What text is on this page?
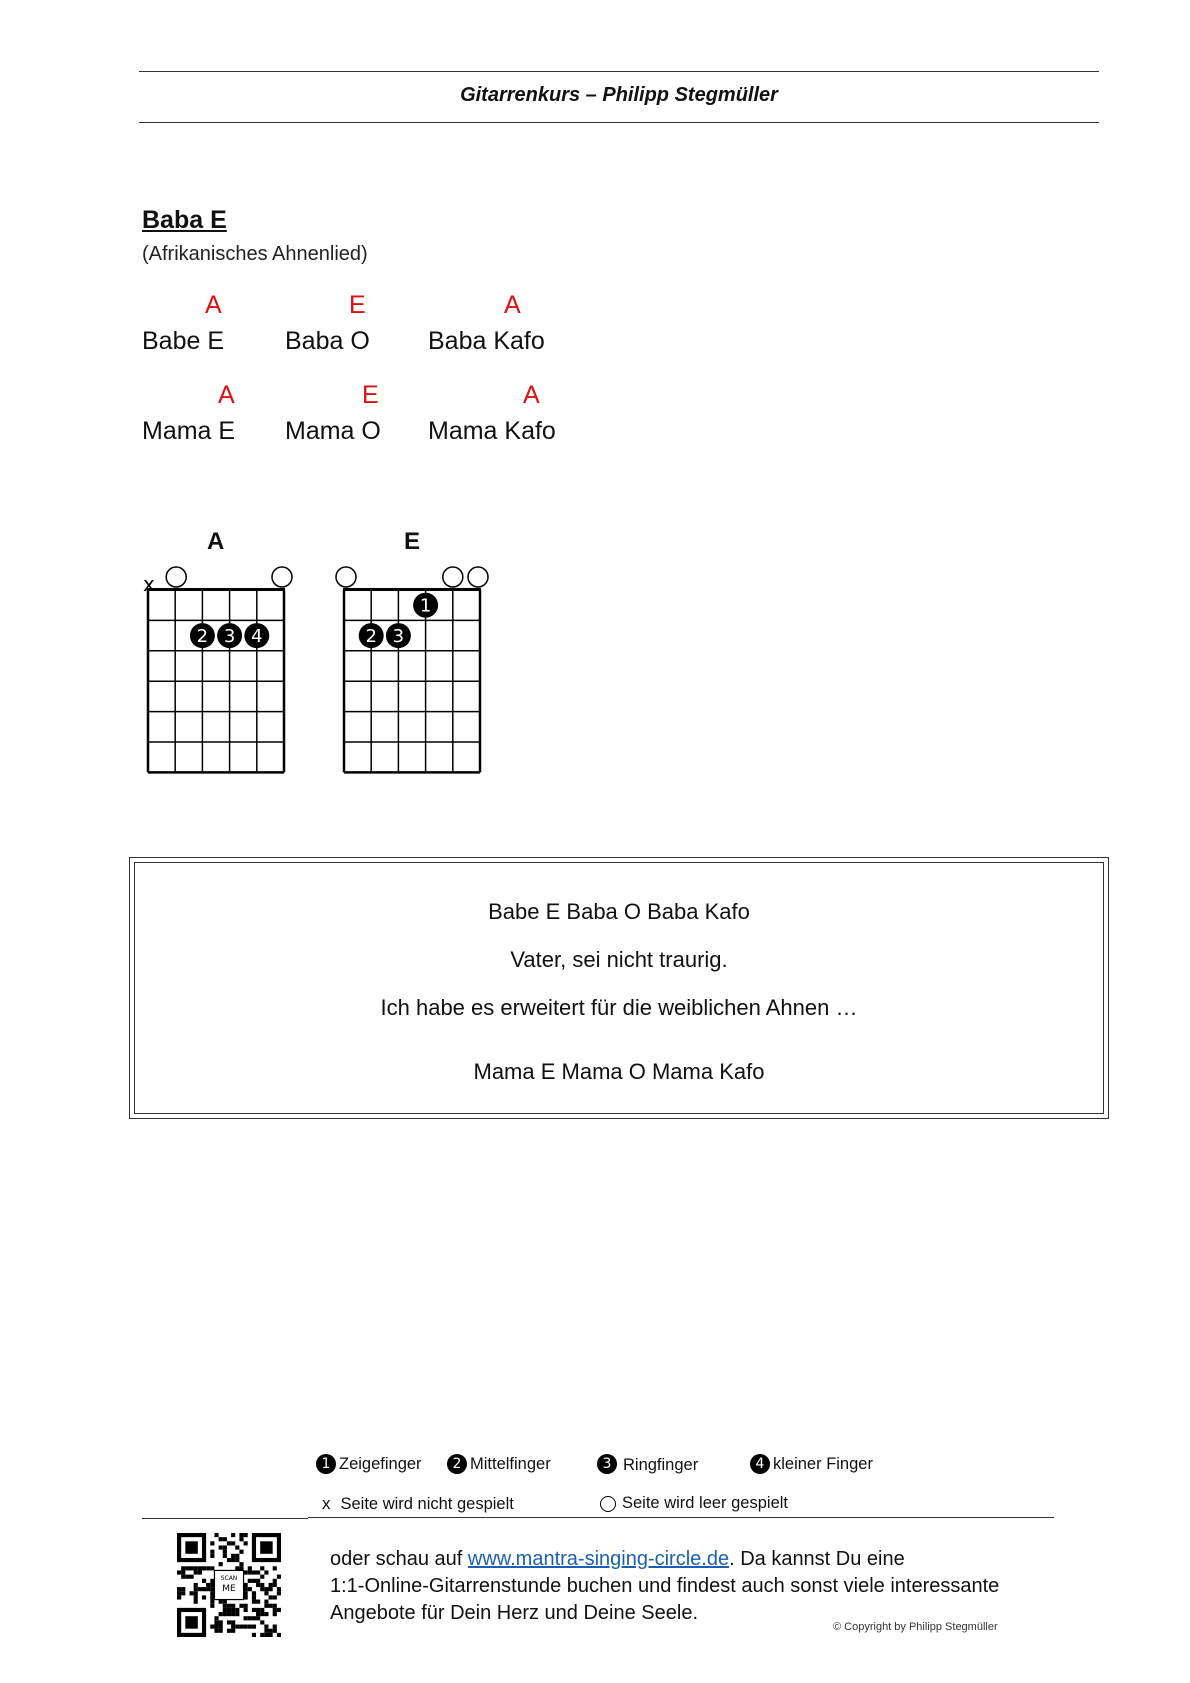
Gitarrenkurs – Philipp Stegmüller
Baba E
(Afrikanisches Ahnenlied)
A	E	A
Babe E Baba O Baba Kafo
A	E	A
Mama E Mama O Mama Kafo
A	E
x
2 3 4
1
2 3
Babe E Baba O Baba Kafo
Vater, sei nicht traurig.
Ich habe es erweitert für die weiblichen Ahnen …
Mama E Mama O Mama Kafo
1 Zeigefinger	2 Mittelfinger	3 Ringfinger	4 kleiner Finger
x Seite wird nicht gespielt	Seite wird leer gespielt
SCAN
ME
oder schau auf www.mantra-singing-circle.de. Da kannst Du eine
1:1-Online-Gitarrenstunde buchen und findest auch sonst viele interessante
Angebote für Dein Herz und Deine Seele.
© Copyright by Philipp Stegmüller
